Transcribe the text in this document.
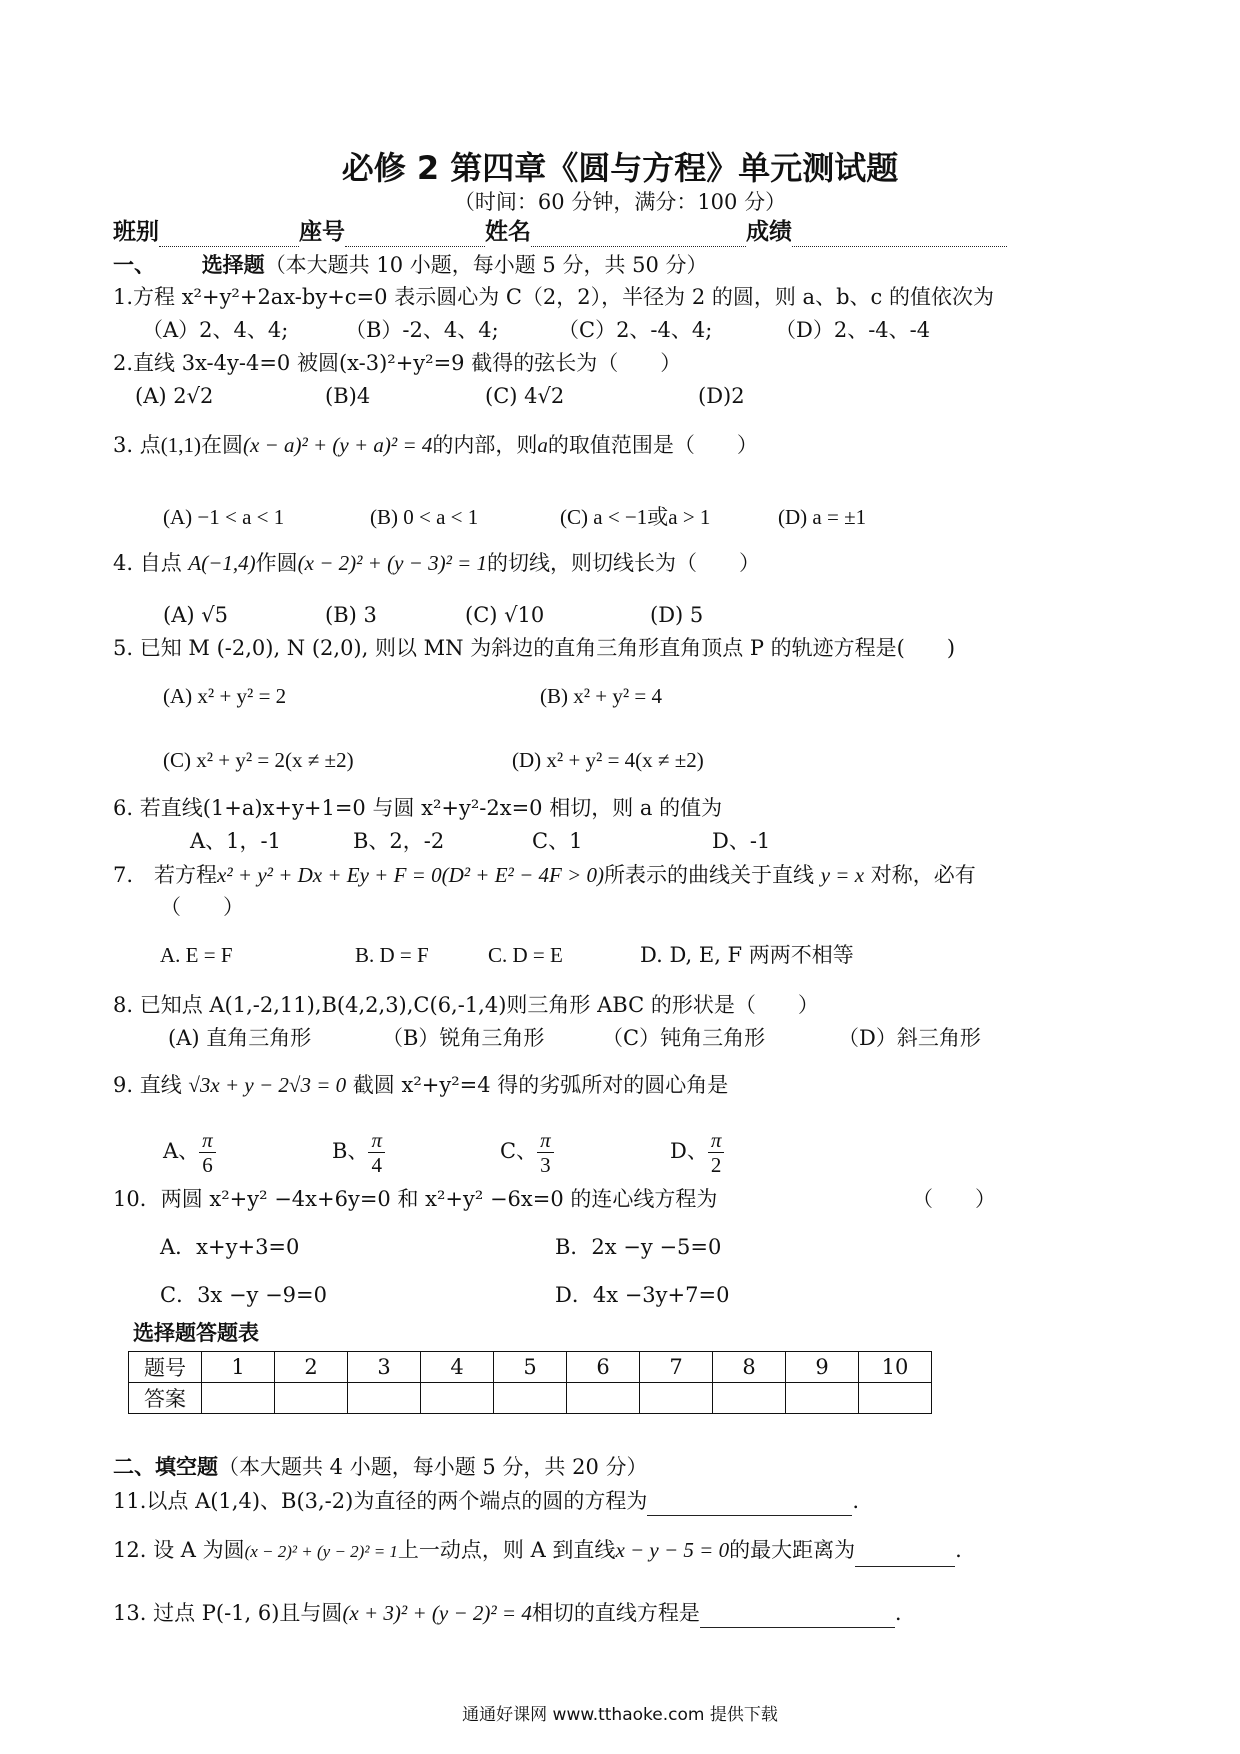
必修 2 第四章《圆与方程》单元测试题
（时间：60 分钟，满分：100 分）
班别	座号	姓名	成绩
一、 选择题（本大题共 10 小题，每小题 5 分，共 50 分）
1.方程 x²+y²+2ax-by+c=0 表示圆心为 C（2，2），半径为 2 的圆，则 a、b、c 的值依次为
（A）2、4、4;	（B）-2、4、4;	（C）2、-4、4;	（D）2、-4、-4
2.直线 3x-4y-4=0 被圆(x-3)²+y²=9 截得的弦长为（　　）
(A) 2√2	(B)4	(C) 4√2	(D)2
3. 点(1,1)在圆(x − a)² + (y + a)² = 4的内部，则a的取值范围是（　　）
(A) −1 < a < 1	(B) 0 < a < 1	(C) a < −1或a > 1	(D) a = ±1
4. 自点 A(−1,4)作圆(x − 2)² + (y − 3)² = 1的切线，则切线长为（　　）
(A) √5	(B) 3	(C) √10	(D) 5
5. 已知 M (-2,0), N (2,0), 则以 MN 为斜边的直角三角形直角顶点 P 的轨迹方程是(　　)
(A) x² + y² = 2	(B) x² + y² = 4
(C) x² + y² = 2(x ≠ ±2)	(D) x² + y² = 4(x ≠ ±2)
6. 若直线(1+a)x+y+1=0 与圆 x²+y²-2x=0 相切，则 a 的值为
A、1，-1	B、2，-2	C、1	D、-1
7.　若方程x² + y² + Dx + Ey + F = 0(D² + E² − 4F > 0)所表示的曲线关于直线 y = x 对称，必有
（　　）
A. E = F	B. D = F	C. D = E	D. D, E, F 两两不相等
8. 已知点 A(1,-2,11),B(4,2,3),C(6,-1,4)则三角形 ABC 的形状是（　　）
(A) 直角三角形	（B）锐角三角形	（C）钝角三角形	（D）斜三角形
9. 直线 √3x + y − 2√3 = 0 截圆 x²+y²=4 得的劣弧所对的圆心角是
A、 $\frac{\pi}{6}$	B、 $\frac{\pi}{4}$	C、 $\frac{\pi}{3}$	D、 $\frac{\pi}{2}$
10．两圆 x²+y² −4x+6y=0 和 x²+y² −6x=0 的连心线方程为	（　　）
A．x+y+3=0	B．2x −y −5=0
C．3x −y −9=0	D．4x −3y+7=0
选择题答题表
题号	1	2	3	4	5	6	7	8	9	10
答案										
二、填空题（本大题共 4 小题，每小题 5 分，共 20 分）
11.以点 A(1,4)、B(3,-2)为直径的两个端点的圆的方程为	.
12. 设 A 为圆(x − 2)² + (y − 2)² = 1上一动点，则 A 到直线x − y − 5 = 0的最大距离为	.
13. 过点 P(-1, 6)且与圆(x + 3)² + (y − 2)² = 4相切的直线方程是	.
通通好课网 www.tthaoke.com 提供下载
